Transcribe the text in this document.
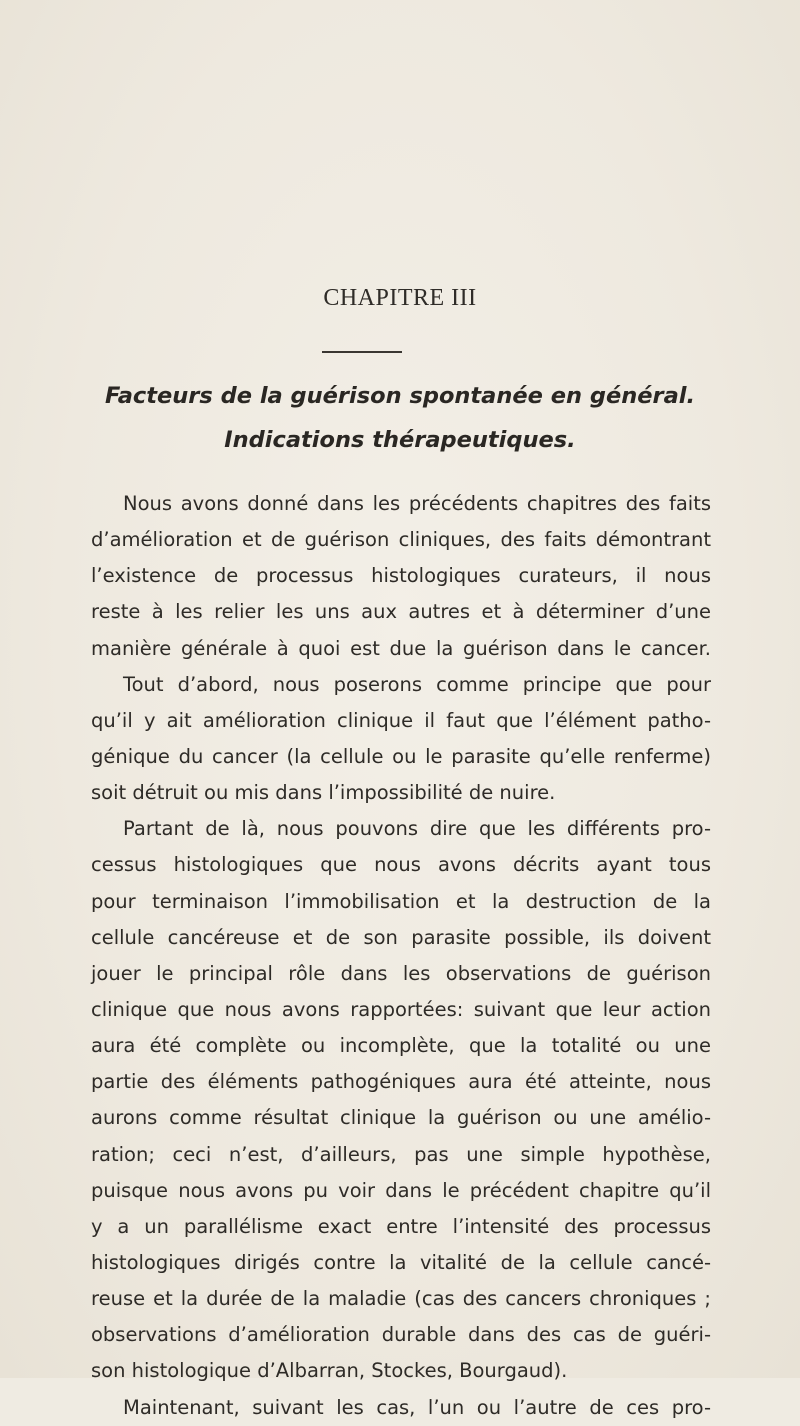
CHAPITRE III
Facteurs de la guérison spontanée en général.
Indications thérapeutiques.
Nous avons donné dans les précédents chapitres des faits
d’amélioration et de guérison cliniques, des faits démontrant
l’existence de processus histologiques curateurs, il nous
reste à les relier les uns aux autres et à déterminer d’une
manière générale à quoi est due la guérison dans le cancer.
Tout d’abord, nous poserons comme principe que pour
qu’il y ait amélioration clinique il faut que l’élément patho-
génique du cancer (la cellule ou le parasite qu’elle renferme)
soit détruit ou mis dans l’impossibilité de nuire.
Partant de là, nous pouvons dire que les différents pro-
cessus histologiques que nous avons décrits ayant tous
pour terminaison l’immobilisation et la destruction de la
cellule cancéreuse et de son parasite possible, ils doivent
jouer le principal rôle dans les observations de guérison
clinique que nous avons rapportées: suivant que leur action
aura été complète ou incomplète, que la totalité ou une
partie des éléments pathogéniques aura été atteinte, nous
aurons comme résultat clinique la guérison ou une amélio-
ration; ceci n’est, d’ailleurs, pas une simple hypothèse,
puisque nous avons pu voir dans le précédent chapitre qu’il
y a un parallélisme exact entre l’intensité des processus
histologiques dirigés contre la vitalité de la cellule cancé-
reuse et la durée de la maladie (cas des cancers chroniques ;
observations d’amélioration durable dans des cas de guéri-
son histologique d’Albarran, Stockes, Bourgaud).
Maintenant, suivant les cas, l’un ou l’autre de ces pro-
